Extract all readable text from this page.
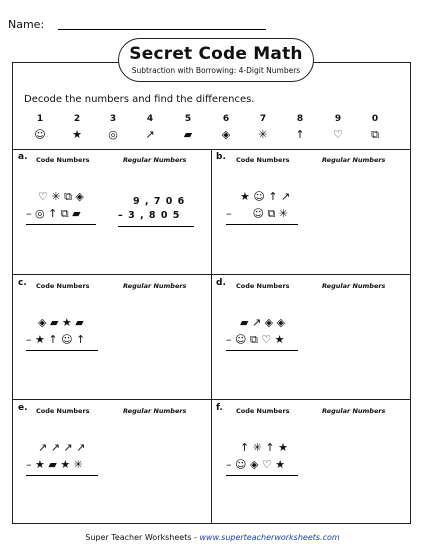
Name:
Secret Code Math
Subtraction with Borrowing: 4-Digit Numbers
Decode the numbers and find the differences.
1
☺
2
★
3
◎
4
↗
5
▰
6
◈
7
✳
8
↑
9
♡
0
⧉
a. Code Numbers	Regular Numbers
♡ ✳ ⧉ ◈
– ◎ ↑ ⧉ ▰
9 , 7 0 6
– 3 , 8 0 5
b. Code Numbers	Regular Numbers
★ ☺ ↑ ↗
– ☺ ⧉ ✳
c. Code Numbers	Regular Numbers
◈ ▰ ★ ▰
– ★ ↑ ☺ ↑
d. Code Numbers	Regular Numbers
▰ ↗ ◈ ◈
– ☺ ⧉ ♡ ★
e. Code Numbers	Regular Numbers
↗ ↗ ↗ ↗
– ★ ▰ ★ ✳
f. Code Numbers	Regular Numbers
↑ ✳ ↑ ★
– ☺ ◈ ♡ ★
Super Teacher Worksheets - www.superteacherworksheets.com
